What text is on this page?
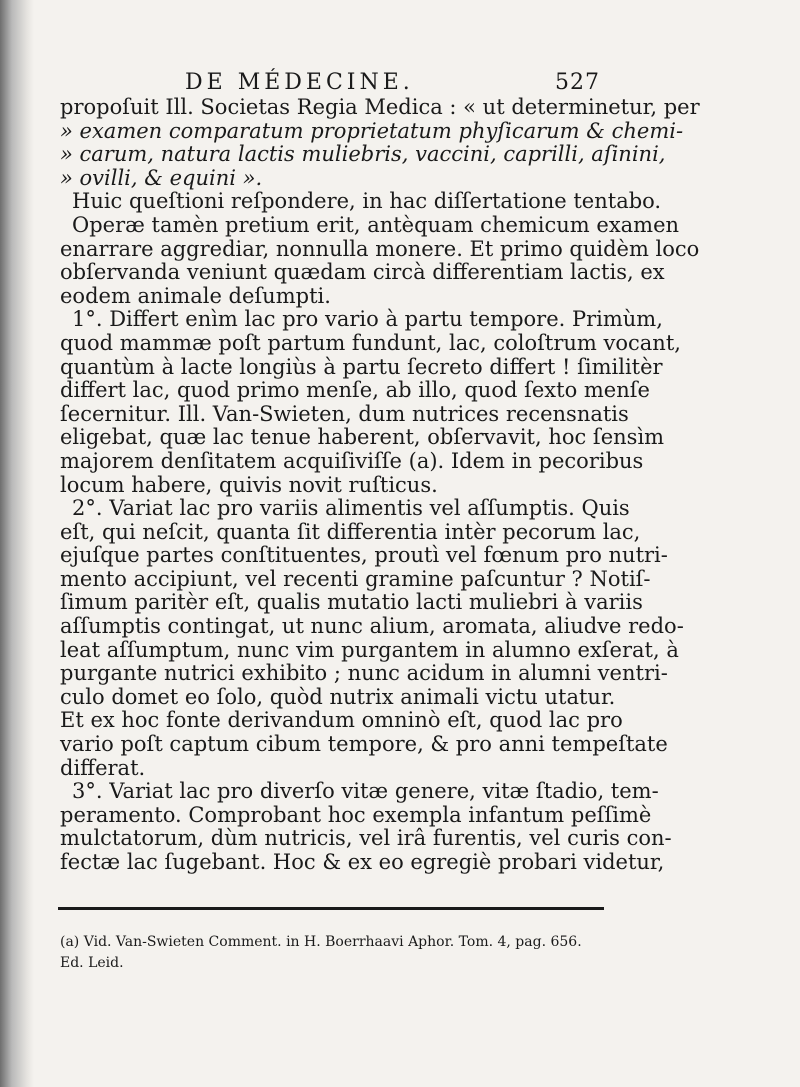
DE MÉDECINE.	527
propoſuit Ill. Societas Regia Medica : « ut determinetur, per
» examen comparatum proprietatum phyſicarum & chemi-
» carum, natura lactis muliebris, vaccini, caprilli, aſinini,
» ovilli, & equini ».
Huic queſtioni reſpondere, in hac diſſertatione tentabo.
Operæ tamèn pretium erit, antèquam chemicum examen
enarrare aggrediar, nonnulla monere. Et primo quidèm loco
obſervanda veniunt quædam circà differentiam lactis, ex
eodem animale deſumpti.
1°. Differt enìm lac pro vario à partu tempore. Primùm,
quod mammæ poſt partum fundunt, lac, coloſtrum vocant,
quantùm à lacte longiùs à partu ſecreto differt ! ſimilitèr
differt lac, quod primo menſe, ab illo, quod ſexto menſe
ſecernitur. Ill. Van-Swieten, dum nutrices recensnatis
eligebat, quæ lac tenue haberent, obſervavit, hoc ſensìm
majorem denſitatem acquiſiviſſe (a). Idem in pecoribus
locum habere, quivis novit ruſticus.
2°. Variat lac pro variis alimentis vel aſſumptis. Quis
eſt, qui neſcit, quanta ſit differentia intèr pecorum lac,
ejuſque partes conſtituentes, proutì vel fœnum pro nutri-
mento accipiunt, vel recenti gramine paſcuntur ? Notiſ-
ſimum paritèr eſt, qualis mutatio lacti muliebri à variis
aſſumptis contingat, ut nunc alium, aromata, aliudve redo-
leat aſſumptum, nunc vim purgantem in alumno exſerat, à
purgante nutrici exhibito ; nunc acidum in alumni ventri-
culo domet eo ſolo, quòd nutrix animali victu utatur.
Et ex hoc fonte derivandum omninò eſt, quod lac pro
vario poſt captum cibum tempore, & pro anni tempeſtate
differat.
3°. Variat lac pro diverſo vitæ genere, vitæ ſtadio, tem-
peramento. Comprobant hoc exempla infantum peſſimè
mulctatorum, dùm nutricis, vel irâ furentis, vel curis con-
fectæ lac ſugebant. Hoc & ex eo egregiè probari videtur,
(a) Vid. Van-Swieten Comment. in H. Boerrhaavi Aphor. Tom. 4, pag. 656.
Ed. Leid.
